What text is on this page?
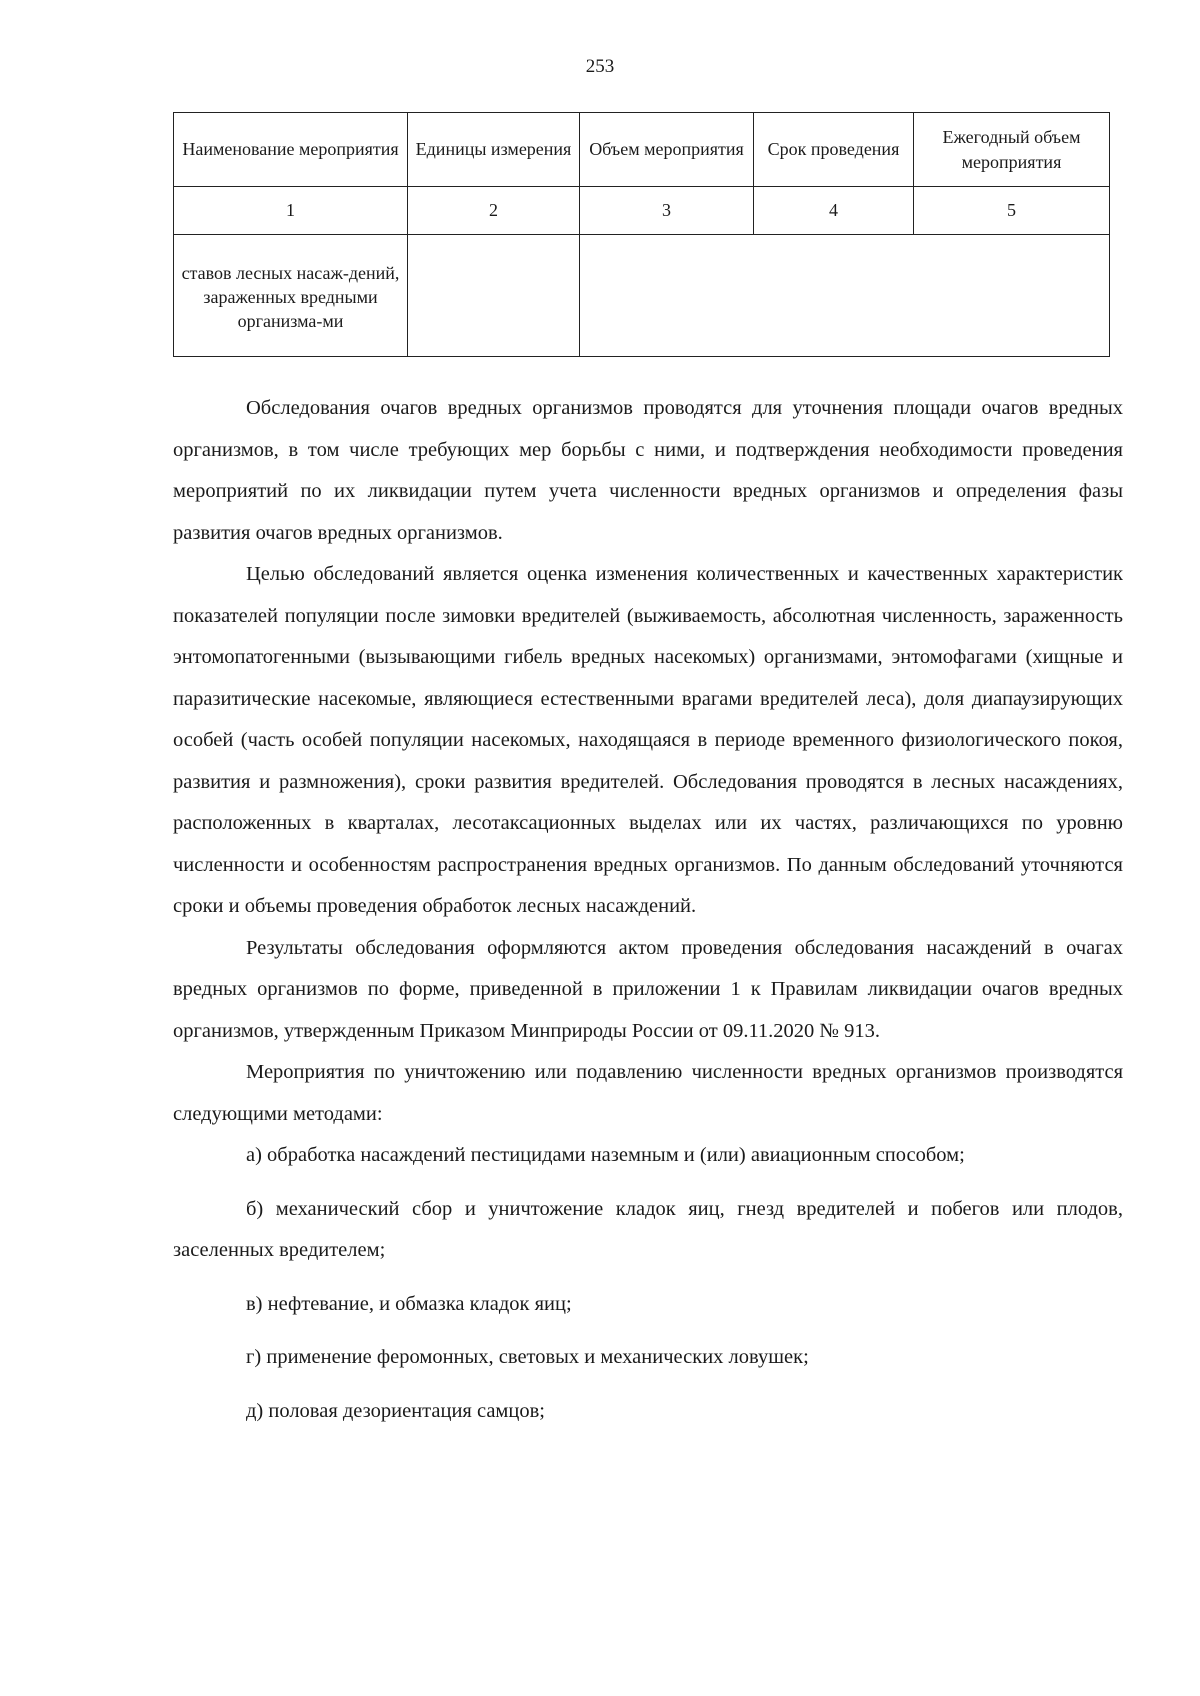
253
Наименование мероприятия	Единицы измерения	Объем мероприятия	Срок проведения	Ежегодный объем мероприятия
1	2	3	4	5
ставов лесных насаж-дений, зараженных вредными организма-ми				

Обследования очагов вредных организмов проводятся для уточнения площади очагов вредных организмов, в том числе требующих мер борьбы с ними, и подтверждения необходимости проведения мероприятий по их ликвидации путем учета численности вредных организмов и определения фазы развития очагов вредных организмов.

Целью обследований является оценка изменения количественных и качественных характеристик показателей популяции после зимовки вредителей (выживаемость, абсолютная численность, зараженность энтомопатогенными (вызывающими гибель вредных насекомых) организмами, энтомофагами (хищные и паразитические насекомые, являющиеся естественными врагами вредителей леса), доля диапаузирующих особей (часть особей популяции насекомых, находящаяся в периоде временного физиологического покоя, развития и размножения), сроки развития вредителей. Обследования проводятся в лесных насаждениях, расположенных в кварталах, лесотаксационных выделах или их частях, различающихся по уровню численности и особенностям распространения вредных организмов. По данным обследований уточняются сроки и объемы проведения обработок лесных насаждений.

Результаты обследования оформляются актом проведения обследования насаждений в очагах вредных организмов по форме, приведенной в приложении 1 к Правилам ликвидации очагов вредных организмов, утвержденным Приказом Минприроды России от 09.11.2020 № 913.

Мероприятия по уничтожению или подавлению численности вредных организмов производятся следующими методами:

а) обработка насаждений пестицидами наземным и (или) авиационным способом;

б) механический сбор и уничтожение кладок яиц, гнезд вредителей и побегов или плодов, заселенных вредителем;

в) нефтевание, и обмазка кладок яиц;

г) применение феромонных, световых и механических ловушек;

д) половая дезориентация самцов;
